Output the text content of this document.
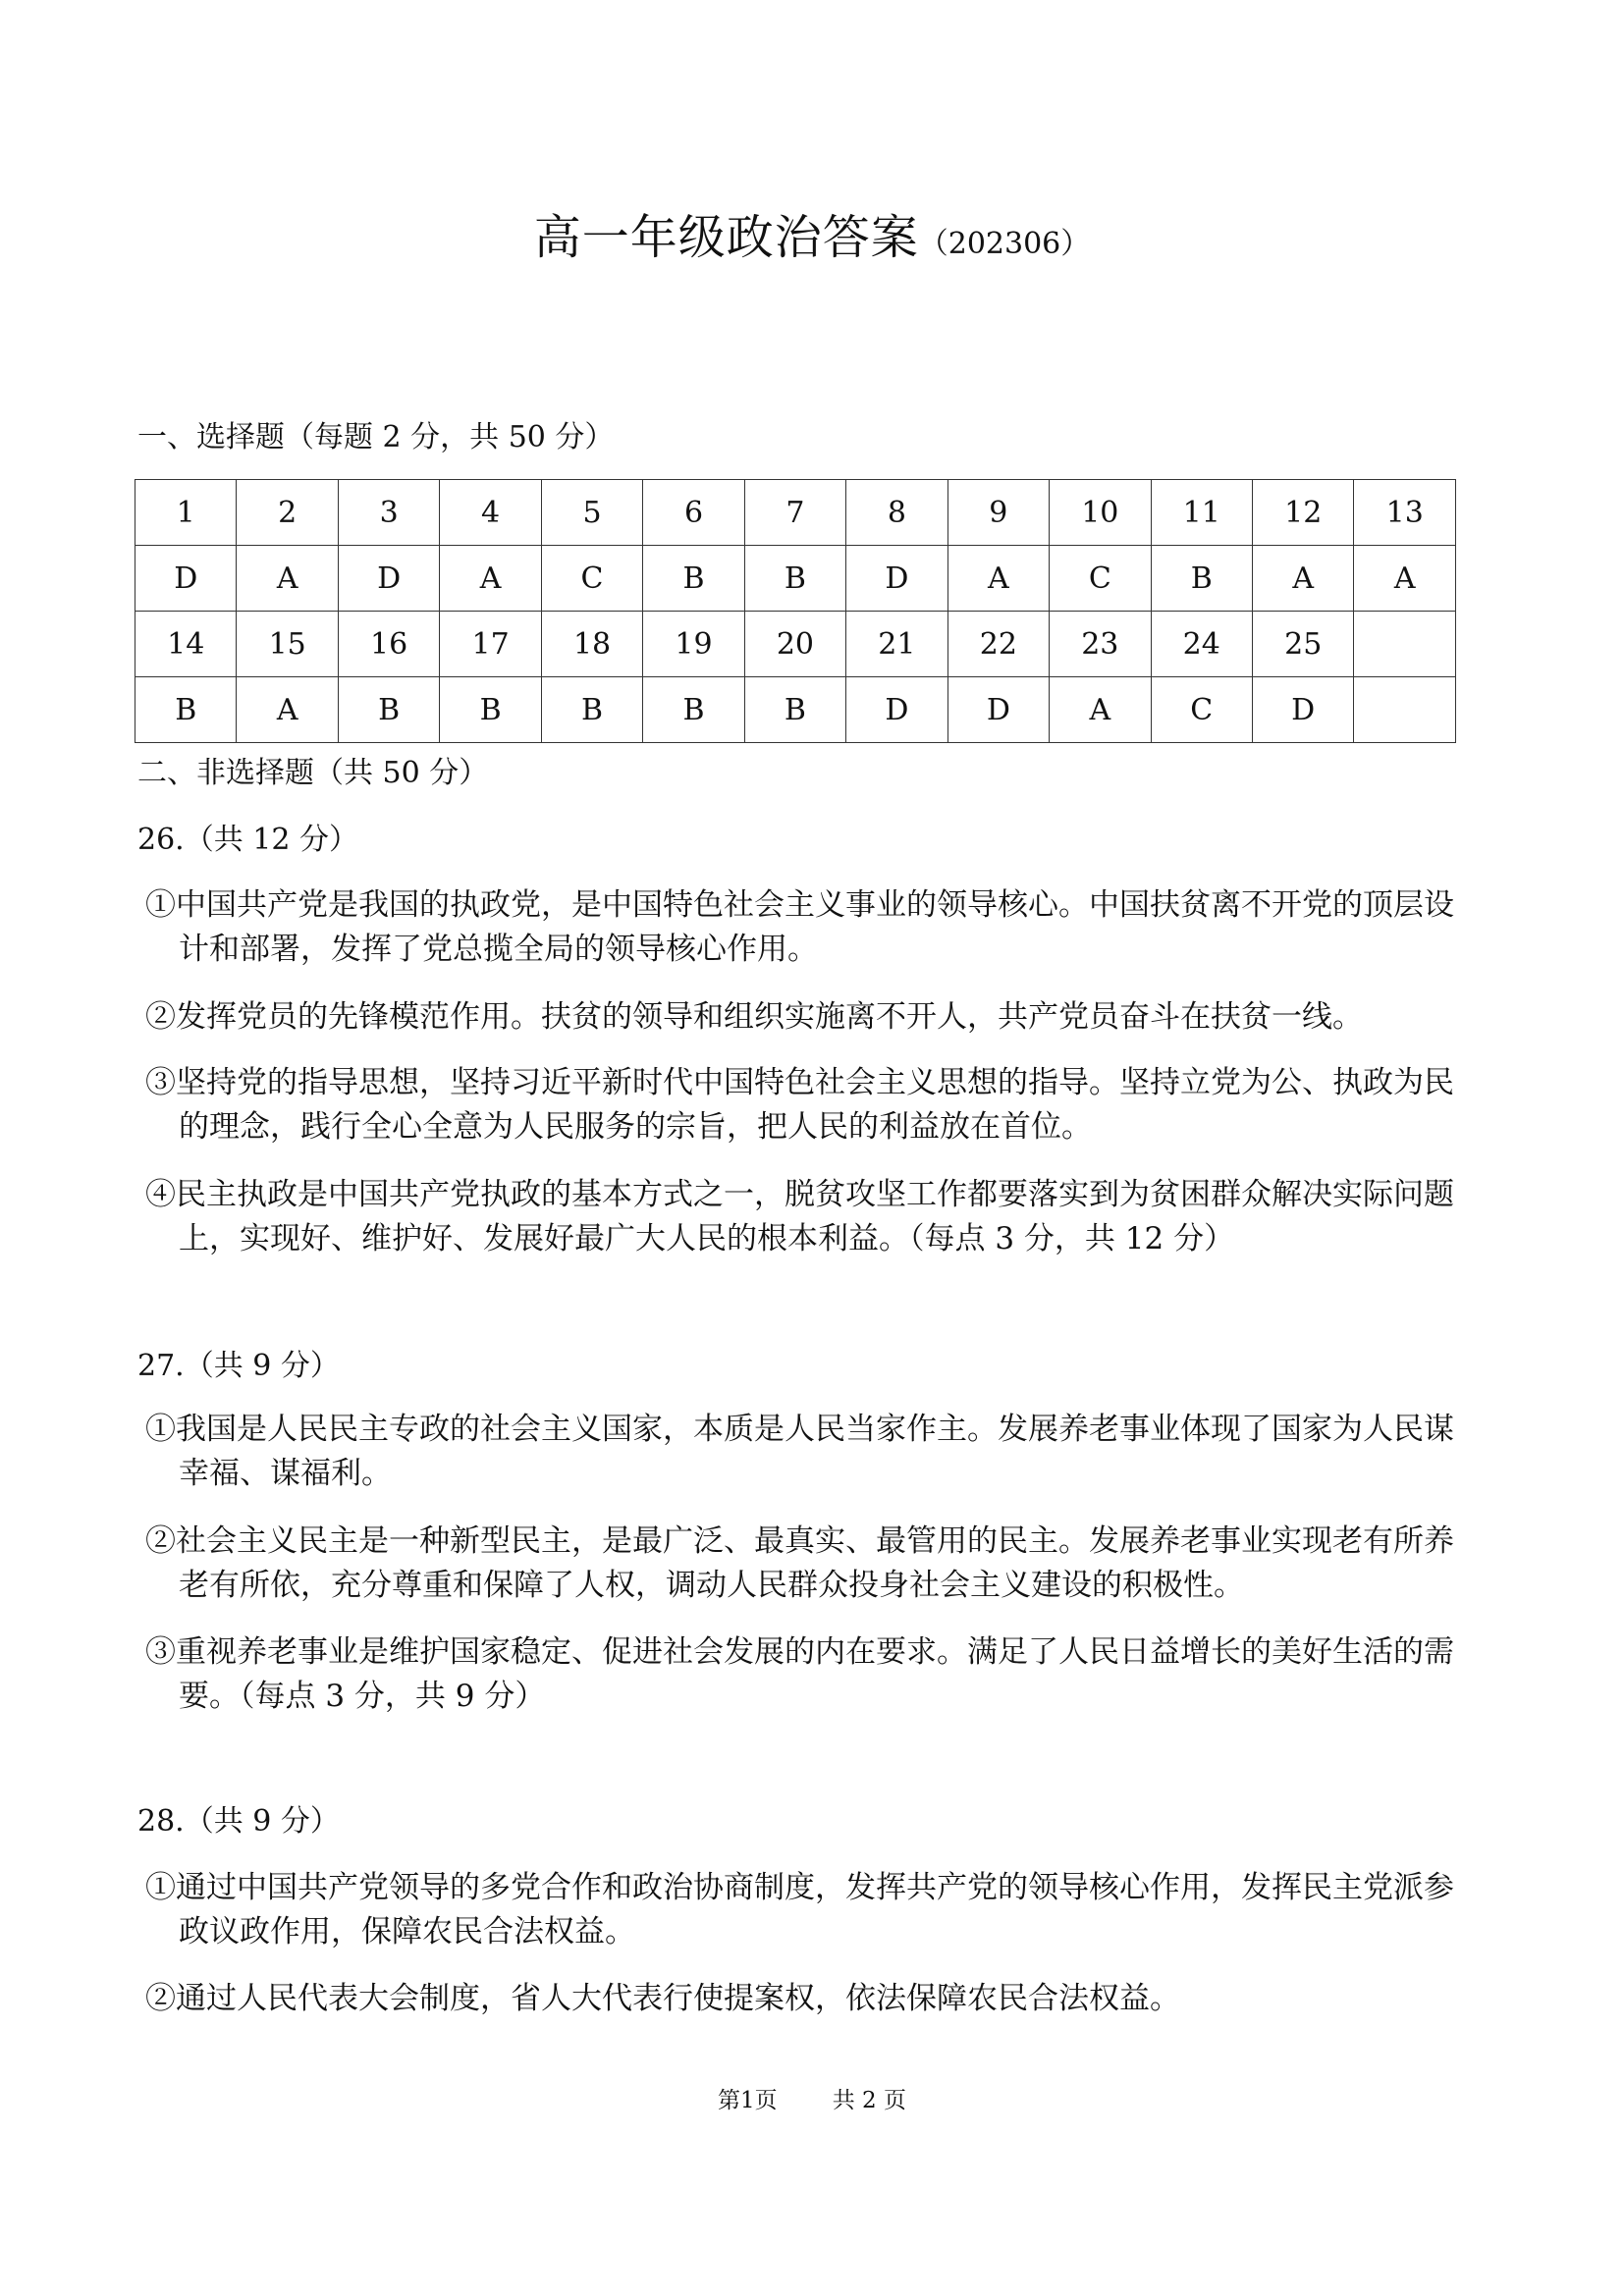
高一年级政治答案（202306）
一、选择题（每题 2 分，共 50 分）
1	2	3	4	5	6	7	8	9	10	11	12	13
D	A	D	A	C	B	B	D	A	C	B	A	A
14	15	16	17	18	19	20	21	22	23	24	25	
B	A	B	B	B	B	B	D	D	A	C	D	
二、非选择题（共 50 分）
26.（共 12 分）
①中国共产党是我国的执政党，是中国特色社会主义事业的领导核心。中国扶贫离不开党的顶层设计和部署，发挥了党总揽全局的领导核心作用。
②发挥党员的先锋模范作用。扶贫的领导和组织实施离不开人，共产党员奋斗在扶贫一线。
③坚持党的指导思想，坚持习近平新时代中国特色社会主义思想的指导。坚持立党为公、执政为民的理念，践行全心全意为人民服务的宗旨，把人民的利益放在首位。
④民主执政是中国共产党执政的基本方式之一，脱贫攻坚工作都要落实到为贫困群众解决实际问题上，实现好、维护好、发展好最广大人民的根本利益。（每点 3 分，共 12 分）
27.（共 9 分）
①我国是人民民主专政的社会主义国家，本质是人民当家作主。发展养老事业体现了国家为人民谋幸福、谋福利。
②社会主义民主是一种新型民主，是最广泛、最真实、最管用的民主。发展养老事业实现老有所养老有所依，充分尊重和保障了人权，调动人民群众投身社会主义建设的积极性。
③重视养老事业是维护国家稳定、促进社会发展的内在要求。满足了人民日益增长的美好生活的需要。（每点 3 分，共 9 分）
28.（共 9 分）
①通过中国共产党领导的多党合作和政治协商制度，发挥共产党的领导核心作用，发挥民主党派参政议政作用，保障农民合法权益。
②通过人民代表大会制度，省人大代表行使提案权，依法保障农民合法权益。
第1页 共 2 页
